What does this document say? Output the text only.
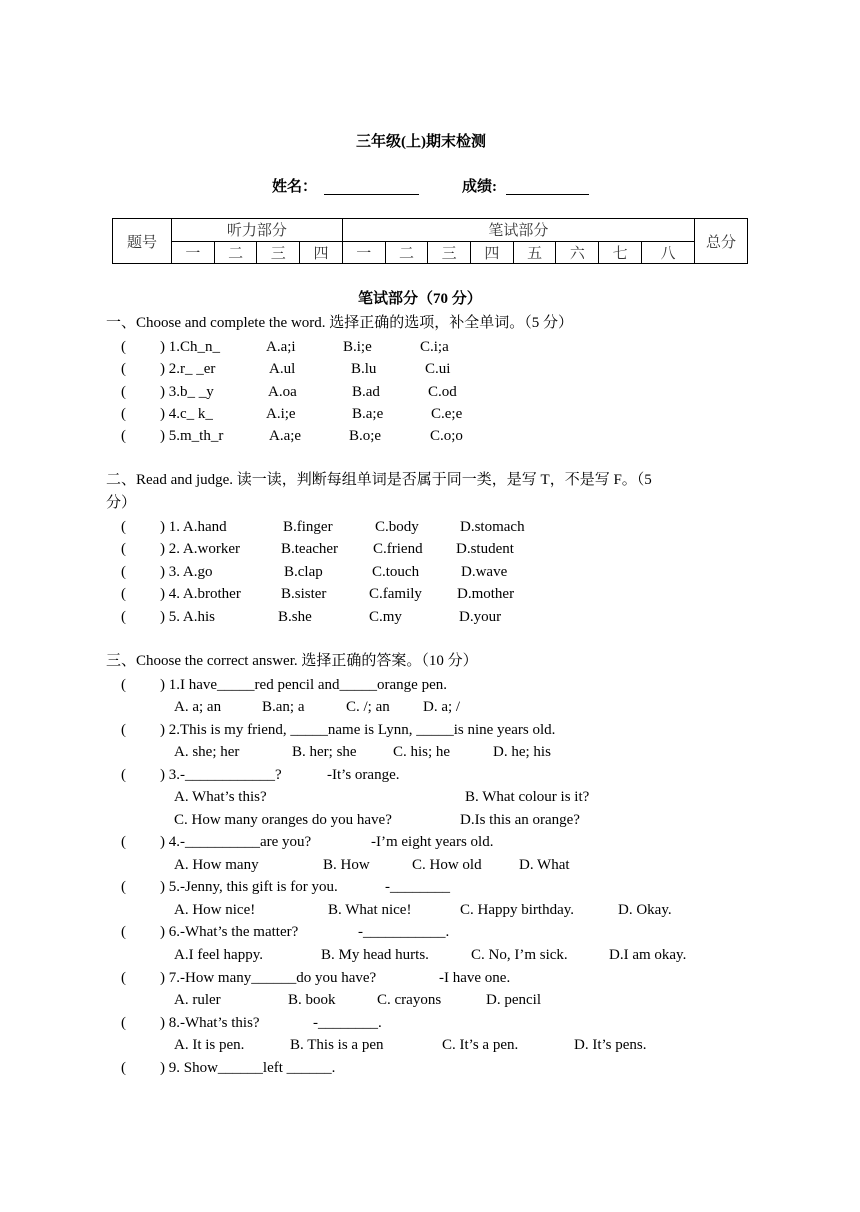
三年级(上)期末检测
姓名：	成绩:
题号	听力部分				笔试部分								总分
	一	二	三	四	一	二	三	四	五	六	七	八	
笔试部分（70 分）
一、Choose and complete the word. 选择正确的选项，补全单词。（5 分）
( ) 1.Ch_n_	A.a;i	B.i;e	C.i;a
( ) 2.r_ _er	A.ul	B.lu	C.ui
( ) 3.b_ _y	A.oa	B.ad	C.od
( ) 4.c_ k_	A.i;e	B.a;e	C.e;e
( ) 5.m_th_r	A.a;e	B.o;e	C.o;o
二、Read and judge. 读一读，判断每组单词是否属于同一类，是写 T，不是写 F。（5
分）
( ) 1. A.hand	B.finger	C.body	D.stomach
( ) 2. A.worker	B.teacher C.friend D.student
( ) 3. A.go	B.clap	C.touch	D.wave
( ) 4. A.brother	B.sister	C.family D.mother
( ) 5. A.his	B.she	C.my	D.your
三、Choose the correct answer. 选择正确的答案。（10 分）
( ) 1.I have_____red pencil and_____orange pen.
A. a; an	B.an; a	C. /; an D. a; /
( ) 2.This is my friend, _____name is Lynn, _____is nine years old.
A. she; her	B. her; she C. his; he	D. he; his
( ) 3.-____________?	-It’s orange.
A. What’s this?	B. What colour is it?
C. How many oranges do you have?	D.Is this an orange?
( ) 4.-__________are you?	-I’m eight years old.
A. How many	B. How	C. How old D. What
( ) 5.-Jenny, this gift is for you.	-________
A. How nice!	B. What nice!	C. Happy birthday.	D. Okay.
( ) 6.-What’s the matter?	-___________.
A.I feel happy.	B. My head hurts.	C. No, I’m sick.	D.I am okay.
( ) 7.-How many______do you have?	-I have one.
A. ruler	B. book	C. crayons	D. pencil
( ) 8.-What’s this?	-________.
A. It is pen.	B. This is a pen	C. It’s a pen.	D. It’s pens.
( ) 9. Show______left ______.
